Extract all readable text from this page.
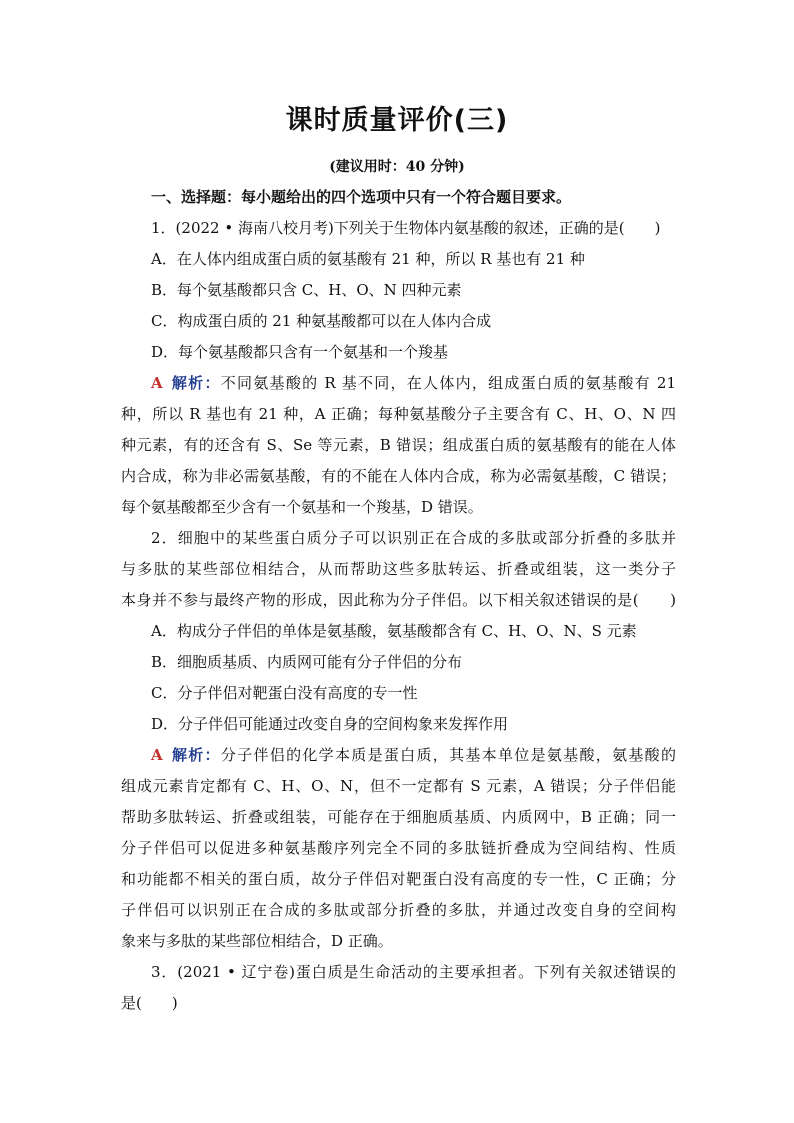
课时质量评价(三)
(建议用时：40 分钟)
一、选择题：每小题给出的四个选项中只有一个符合题目要求。
1．(2022 • 海南八校月考)下列关于生物体内氨基酸的叙述，正确的是(　　)
A．在人体内组成蛋白质的氨基酸有 21 种，所以 R 基也有 21 种
B．每个氨基酸都只含 C、H、O、N 四种元素
C．构成蛋白质的 21 种氨基酸都可以在人体内合成
D．每个氨基酸都只含有一个氨基和一个羧基
A 解析：不同氨基酸的 R 基不同，在人体内，组成蛋白质的氨基酸有 21
种，所以 R 基也有 21 种，A 正确；每种氨基酸分子主要含有 C、H、O、N 四
种元素，有的还含有 S、Se 等元素，B 错误；组成蛋白质的氨基酸有的能在人体
内合成，称为非必需氨基酸，有的不能在人体内合成，称为必需氨基酸，C 错误；
每个氨基酸都至少含有一个氨基和一个羧基，D 错误。
2．细胞中的某些蛋白质分子可以识别正在合成的多肽或部分折叠的多肽并
与多肽的某些部位相结合，从而帮助这些多肽转运、折叠或组装，这一类分子
本身并不参与最终产物的形成，因此称为分子伴侣。以下相关叙述错误的是(　　)
A．构成分子伴侣的单体是氨基酸，氨基酸都含有 C、H、O、N、S 元素
B．细胞质基质、内质网可能有分子伴侣的分布
C．分子伴侣对靶蛋白没有高度的专一性
D．分子伴侣可能通过改变自身的空间构象来发挥作用
A 解析：分子伴侣的化学本质是蛋白质，其基本单位是氨基酸，氨基酸的
组成元素肯定都有 C、H、O、N，但不一定都有 S 元素，A 错误；分子伴侣能
帮助多肽转运、折叠或组装，可能存在于细胞质基质、内质网中，B 正确；同一
分子伴侣可以促进多种氨基酸序列完全不同的多肽链折叠成为空间结构、性质
和功能都不相关的蛋白质，故分子伴侣对靶蛋白没有高度的专一性，C 正确；分
子伴侣可以识别正在合成的多肽或部分折叠的多肽，并通过改变自身的空间构
象来与多肽的某些部位相结合，D 正确。
3．(2021 • 辽宁卷)蛋白质是生命活动的主要承担者。下列有关叙述错误的
是(　　)
